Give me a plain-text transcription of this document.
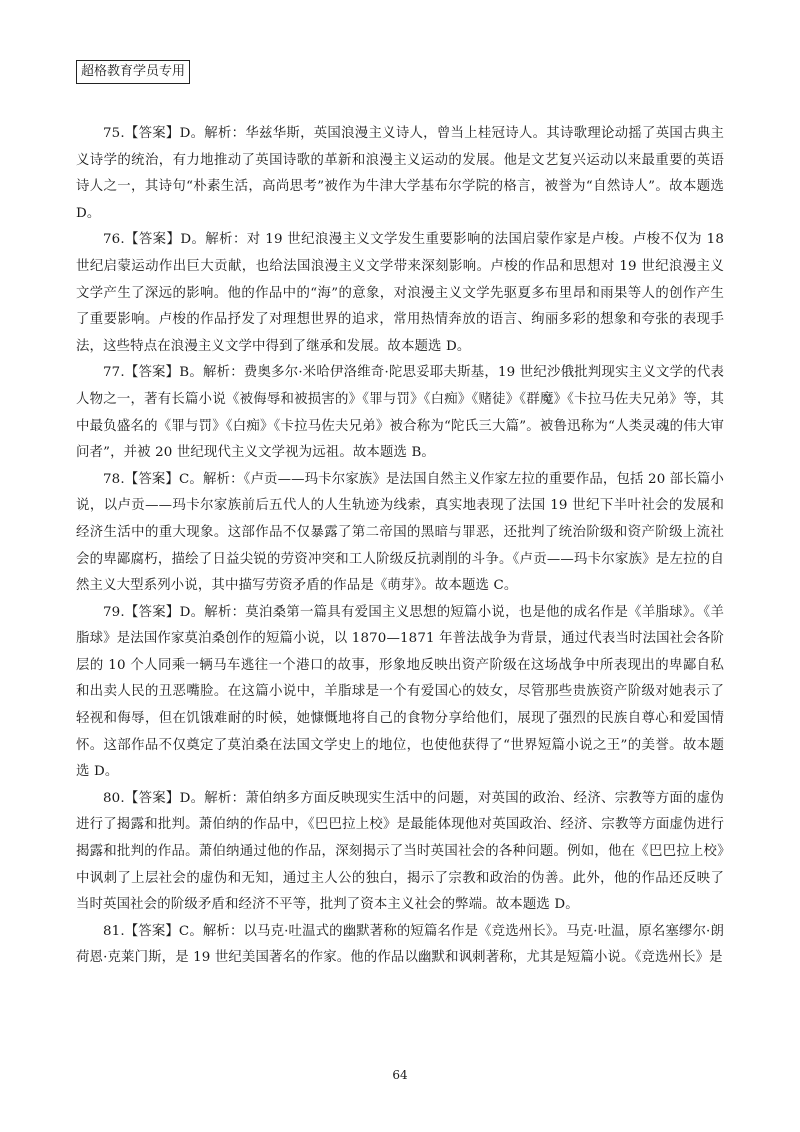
超格教育学员专用

75.【答案】D。解析：华兹华斯，英国浪漫主义诗人，曾当上桂冠诗人。其诗歌理论动摇了英国古典主义诗学的统治，有力地推动了英国诗歌的革新和浪漫主义运动的发展。他是文艺复兴运动以来最重要的英语诗人之一，其诗句“朴素生活，高尚思考”被作为牛津大学基布尔学院的格言，被誉为“自然诗人”。故本题选 D。

76.【答案】D。解析：对 19 世纪浪漫主义文学发生重要影响的法国启蒙作家是卢梭。卢梭不仅为 18 世纪启蒙运动作出巨大贡献，也给法国浪漫主义文学带来深刻影响。卢梭的作品和思想对 19 世纪浪漫主义文学产生了深远的影响。他的作品中的“海”的意象，对浪漫主义文学先驱夏多布里昂和雨果等人的创作产生了重要影响。卢梭的作品抒发了对理想世界的追求，常用热情奔放的语言、绚丽多彩的想象和夸张的表现手法，这些特点在浪漫主义文学中得到了继承和发展。故本题选 D。

77.【答案】B。解析：费奥多尔·米哈伊洛维奇·陀思妥耶夫斯基，19 世纪沙俄批判现实主义文学的代表人物之一，著有长篇小说《被侮辱和被损害的》《罪与罚》《白痴》《赌徒》《群魔》《卡拉马佐夫兄弟》等，其中最负盛名的《罪与罚》《白痴》《卡拉马佐夫兄弟》被合称为“陀氏三大篇”。被鲁迅称为“人类灵魂的伟大审问者”，并被 20 世纪现代主义文学视为远祖。故本题选 B。

78.【答案】C。解析：《卢贡——玛卡尔家族》是法国自然主义作家左拉的重要作品，包括 20 部长篇小说，以卢贡——玛卡尔家族前后五代人的人生轨迹为线索，真实地表现了法国 19 世纪下半叶社会的发展和经济生活中的重大现象。这部作品不仅暴露了第二帝国的黑暗与罪恶，还批判了统治阶级和资产阶级上流社会的卑鄙腐朽，描绘了日益尖锐的劳资冲突和工人阶级反抗剥削的斗争。《卢贡——玛卡尔家族》是左拉的自然主义大型系列小说，其中描写劳资矛盾的作品是《萌芽》。故本题选 C。

79.【答案】D。解析：莫泊桑第一篇具有爱国主义思想的短篇小说，也是他的成名作是《羊脂球》。《羊脂球》是法国作家莫泊桑创作的短篇小说，以 1870—1871 年普法战争为背景，通过代表当时法国社会各阶层的 10 个人同乘一辆马车逃往一个港口的故事，形象地反映出资产阶级在这场战争中所表现出的卑鄙自私和出卖人民的丑恶嘴脸。在这篇小说中，羊脂球是一个有爱国心的妓女，尽管那些贵族资产阶级对她表示了轻视和侮辱，但在饥饿难耐的时候，她慷慨地将自己的食物分享给他们，展现了强烈的民族自尊心和爱国情怀。这部作品不仅奠定了莫泊桑在法国文学史上的地位，也使他获得了“世界短篇小说之王”的美誉。故本题选 D。

80.【答案】D。解析：萧伯纳多方面反映现实生活中的问题，对英国的政治、经济、宗教等方面的虚伪进行了揭露和批判。萧伯纳的作品中，《巴巴拉上校》是最能体现他对英国政治、经济、宗教等方面虚伪进行揭露和批判的作品。萧伯纳通过他的作品，深刻揭示了当时英国社会的各种问题。例如，他在《巴巴拉上校》中讽刺了上层社会的虚伪和无知，通过主人公的独白，揭示了宗教和政治的伪善。此外，他的作品还反映了当时英国社会的阶级矛盾和经济不平等，批判了资本主义社会的弊端。故本题选 D。

81.【答案】C。解析：以马克·吐温式的幽默著称的短篇名作是《竞选州长》。马克·吐温，原名塞缪尔·朗荷恩·克莱门斯，是 19 世纪美国著名的作家。他的作品以幽默和讽刺著称，尤其是短篇小说。《竞选州长》是

64
